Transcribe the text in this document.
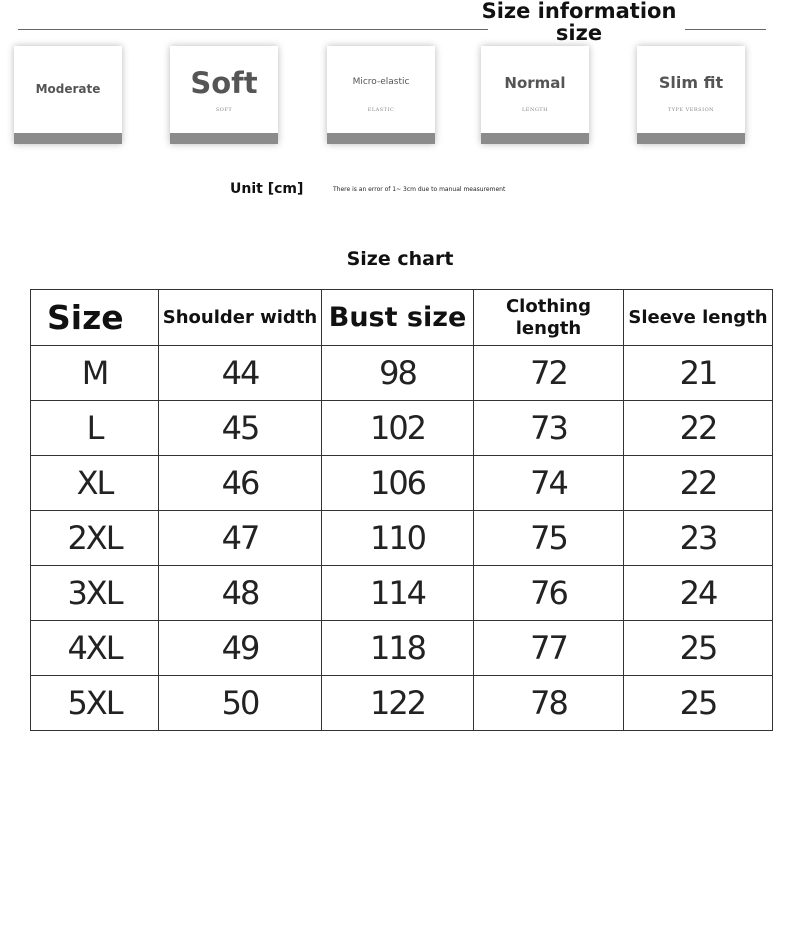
Size information size
Moderate	Soft
SOFT
Micro-elastic
ELASTIC
Normal
LENGTH
Slim fit
TYPE VERSION
Unit [cm]	There is an error of 1~ 3cm due to manual measurement
Size chart
Size	Shoulder width	Bust size	Clothing length	Sleeve length
M	44	98	72	21
L	45	102	73	22
XL	46	106	74	22
2XL	47	110	75	23
3XL	48	114	76	24
4XL	49	118	77	25
5XL	50	122	78	25
